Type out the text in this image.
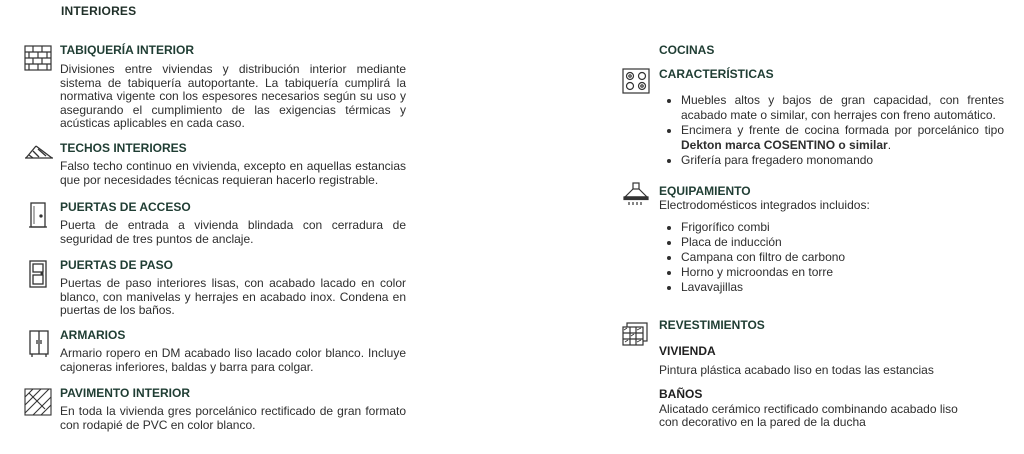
INTERIORES
TABIQUERÍA INTERIOR

Divisiones entre viviendas y distribución interior mediante sistema de tabiquería autoportante. La tabiquería cumplirá la normativa vigente con los espesores necesarios según su uso y asegurando el cumplimiento de las exigencias térmicas y acústicas aplicables en cada caso.

TECHOS INTERIORES

Falso techo continuo en vivienda, excepto en aquellas estancias que por necesidades técnicas requieran hacerlo registrable.

PUERTAS DE ACCESO

Puerta de entrada a vivienda blindada con cerradura de seguridad de tres puntos de anclaje.

PUERTAS DE PASO

Puertas de paso interiores lisas, con acabado lacado en color blanco, con manivelas y herrajes en acabado inox. Condena en puertas de los baños.

ARMARIOS

Armario ropero en DM acabado liso lacado color blanco. Incluye cajoneras inferiores, baldas y barra para colgar.

PAVIMENTO INTERIOR

En toda la vivienda gres porcelánico rectificado de gran formato con rodapié de PVC en color blanco.

COCINAS
CARACTERÍSTICAS
• Muebles altos y bajos de gran capacidad, con frentes acabado mate o similar, con herrajes con freno automático.
• Encimera y frente de cocina formada por porcelánico tipo Dekton marca COSENTINO o similar.
• Grifería para fregadero monomando
EQUIPAMIENTO

Electrodomésticos integrados incluidos:

• Frigorífico combi
• Placa de inducción
• Campana con filtro de carbono
• Horno y microondas en torre
• Lavavajillas
REVESTIMIENTOS
VIVIENDA

Pintura plástica acabado liso en todas las estancias

BAÑOS

Alicatado cerámico rectificado combinando acabado liso con decorativo en la pared de la ducha
